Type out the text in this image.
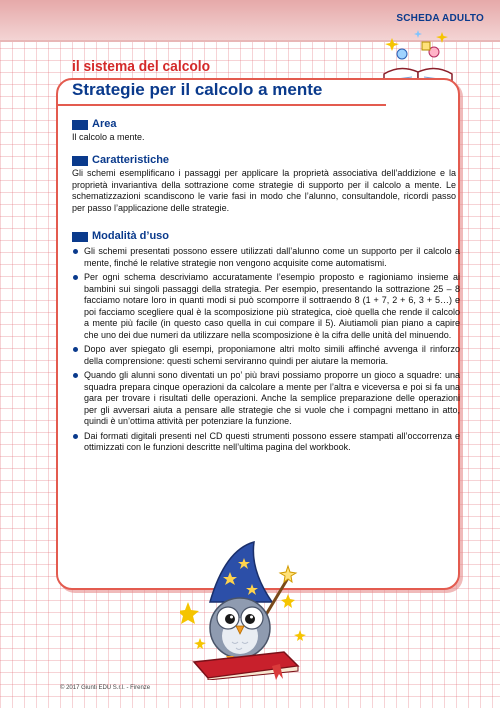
SCHEDA ADULTO
il sistema del calcolo
Strategie per il calcolo a mente
Area
Il calcolo a mente.
Caratteristiche
Gli schemi esemplificano i passaggi per applicare la proprietà associativa dell’addizione e la proprietà invariantiva della sottrazione come strategie di supporto per il calcolo a mente. Le schematizzazioni scandiscono le varie fasi in modo che l’alunno, consultandole, ricordi passo per passo l’applicazione delle strategie.
Modalità d’uso
Gli schemi presentati possono essere utilizzati dall’alunno come un supporto per il calcolo a mente, finché le relative strategie non vengono acquisite come automatismi.
Per ogni schema descriviamo accuratamente l’esempio proposto e ragioniamo insieme ai bambini sui singoli passaggi della strategia. Per esempio, presentando la sottrazione 25 – 8 facciamo notare loro in quanti modi si può scomporre il sottraendo 8 (1 + 7, 2 + 6, 3 + 5…) e poi facciamo scegliere qual è la scomposizione più strategica, cioè quella che rende il calcolo a mente più facile (in questo caso quella in cui compare il 5). Aiutiamoli pian piano a capire che uno dei due numeri da utilizzare nella scomposizione è la cifra delle unità del minuendo.
Dopo aver spiegato gli esempi, proponiamone altri molto simili affinché avvenga il rinforzo della comprensione: questi schemi serviranno quindi per aiutare la memoria.
Quando gli alunni sono diventati un po’ più bravi possiamo proporre un gioco a squadre: una squadra prepara cinque operazioni da calcolare a mente per l’altra e viceversa e poi si fa una gara per trovare i risultati delle operazioni. Anche la semplice preparazione delle operazioni per gli avversari aiuta a pensare alle strategie che si vuole che i compagni mettano in atto, quindi è un’ottima attività per potenziare la funzione.
Dai formati digitali presenti nel CD questi strumenti possono essere stampati all’occorrenza e ottimizzati con le funzioni descritte nell’ultima pagina del workbook.
© 2017 Giunti EDU S.r.l. - Firenze
